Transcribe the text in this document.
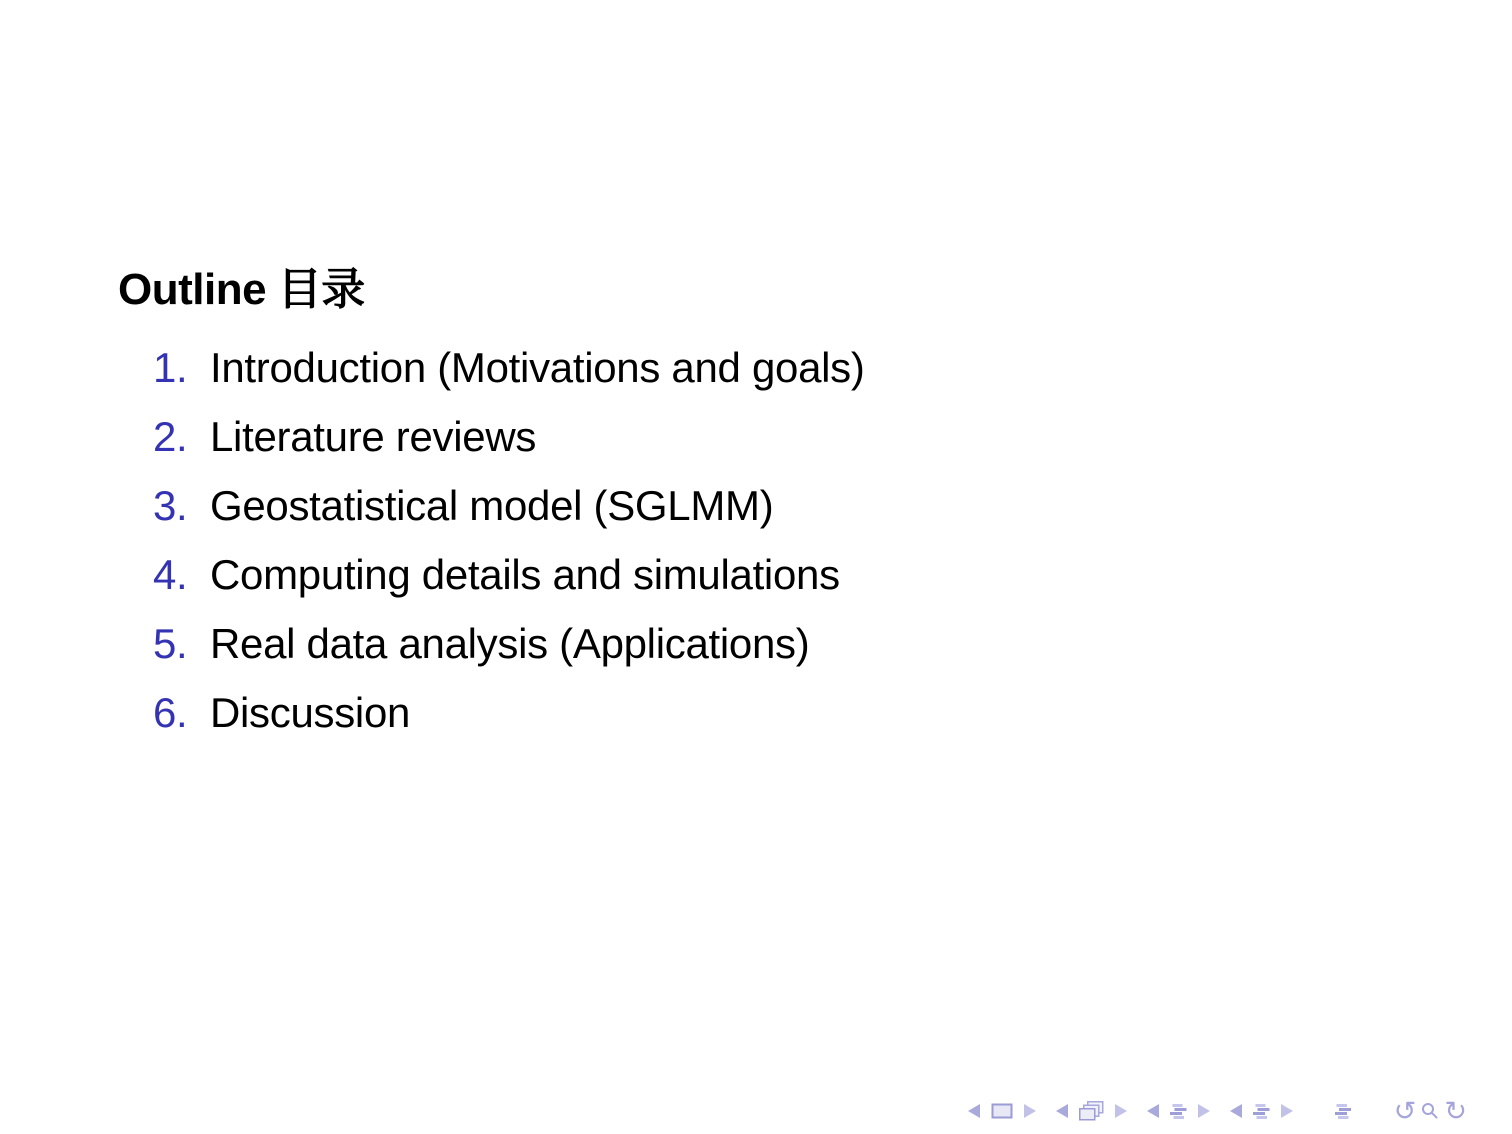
Outline 目录
1. Introduction (Motivations and goals)
2. Literature reviews
3. Geostatistical model (SGLMM)
4. Computing details and simulations
5. Real data analysis (Applications)
6. Discussion
↺ ↻
